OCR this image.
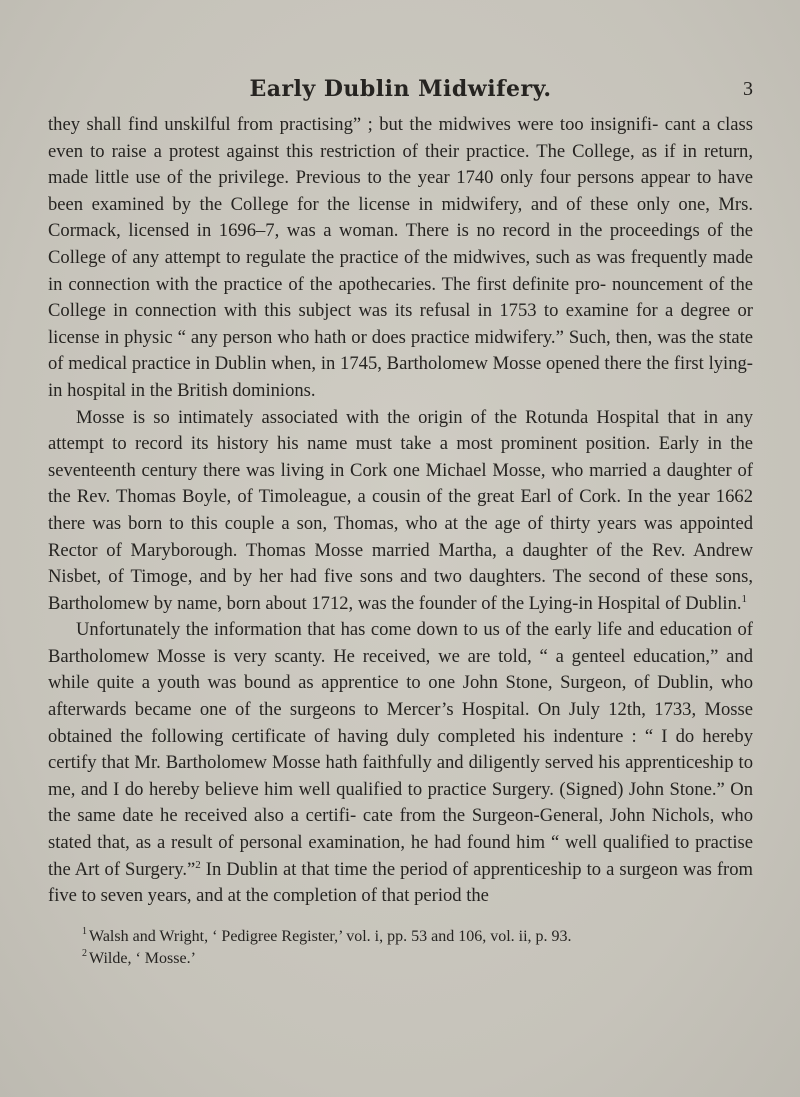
Early Dublin Midwifery.	3

they shall find unskilful from practising” ; but the midwives were too insignifi- cant a class even to raise a protest against this restriction of their practice. The College, as if in return, made little use of the privilege. Previous to the year 1740 only four persons appear to have been examined by the College for the license in midwifery, and of these only one, Mrs. Cormack, licensed in 1696–7, was a woman. There is no record in the proceedings of the College of any attempt to regulate the practice of the midwives, such as was frequently made in connection with the practice of the apothecaries. The first definite pro- nouncement of the College in connection with this subject was its refusal in 1753 to examine for a degree or license in physic “ any person who hath or does practice midwifery.” Such, then, was the state of medical practice in Dublin when, in 1745, Bartholomew Mosse opened there the first lying-in hospital in the British dominions.

Mosse is so intimately associated with the origin of the Rotunda Hospital that in any attempt to record its history his name must take a most prominent position. Early in the seventeenth century there was living in Cork one Michael Mosse, who married a daughter of the Rev. Thomas Boyle, of Timoleague, a cousin of the great Earl of Cork. In the year 1662 there was born to this couple a son, Thomas, who at the age of thirty years was appointed Rector of Maryborough. Thomas Mosse married Martha, a daughter of the Rev. Andrew Nisbet, of Timoge, and by her had five sons and two daughters. The second of these sons, Bartholomew by name, born about 1712, was the founder of the Lying-in Hospital of Dublin.$^1$

Unfortunately the information that has come down to us of the early life and education of Bartholomew Mosse is very scanty. He received, we are told, “ a genteel education,” and while quite a youth was bound as apprentice to one John Stone, Surgeon, of Dublin, who afterwards became one of the surgeons to Mercer’s Hospital. On July 12th, 1733, Mosse obtained the following certificate of having duly completed his indenture : “ I do hereby certify that Mr. Bartholomew Mosse hath faithfully and diligently served his apprenticeship to me, and I do hereby believe him well qualified to practice Surgery. (Signed) John Stone.” On the same date he received also a certifi- cate from the Surgeon-General, John Nichols, who stated that, as a result of personal examination, he had found him “ well qualified to practise the Art of Surgery.”$^2$ In Dublin at that time the period of apprenticeship to a surgeon was from five to seven years, and at the completion of that period the

$^1$ Walsh and Wright, ‘ Pedigree Register,’ vol. i, pp. 53 and 106, vol. ii, p. 93.
$^2$ Wilde, ‘ Mosse.’
